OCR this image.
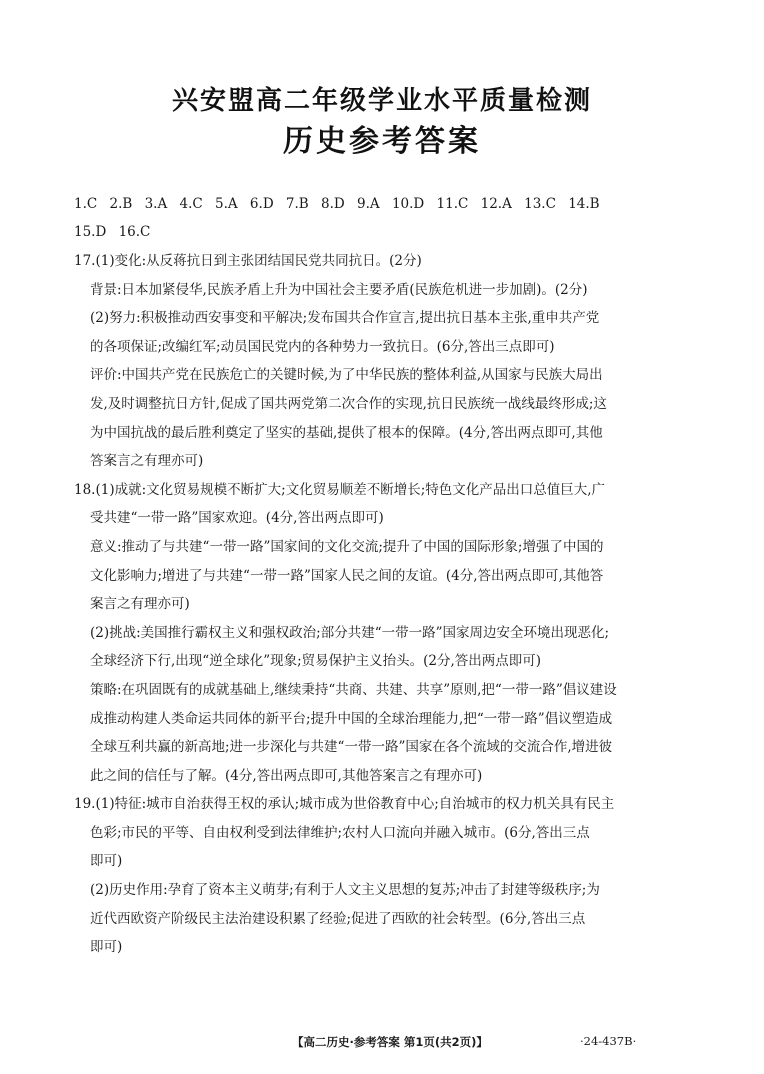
兴安盟高二年级学业水平质量检测
历史参考答案
1.C 2.B 3.A 4.C 5.A 6.D 7.B 8.D 9.A 10.D 11.C 12.A 13.C 14.B
15.D 16.C
17.(1)变化:从反蒋抗日到主张团结国民党共同抗日。(2分)
背景:日本加紧侵华,民族矛盾上升为中国社会主要矛盾(民族危机进一步加剧)。(2分)
(2)努力:积极推动西安事变和平解决;发布国共合作宣言,提出抗日基本主张,重申共产党
的各项保证;改编红军;动员国民党内的各种势力一致抗日。(6分,答出三点即可)
评价:中国共产党在民族危亡的关键时候,为了中华民族的整体利益,从国家与民族大局出
发,及时调整抗日方针,促成了国共两党第二次合作的实现,抗日民族统一战线最终形成;这
为中国抗战的最后胜利奠定了坚实的基础,提供了根本的保障。(4分,答出两点即可,其他
答案言之有理亦可)
18.(1)成就:文化贸易规模不断扩大;文化贸易顺差不断增长;特色文化产品出口总值巨大,广
受共建“一带一路”国家欢迎。(4分,答出两点即可)
意义:推动了与共建“一带一路”国家间的文化交流;提升了中国的国际形象;增强了中国的
文化影响力;增进了与共建“一带一路”国家人民之间的友谊。(4分,答出两点即可,其他答
案言之有理亦可)
(2)挑战:美国推行霸权主义和强权政治;部分共建“一带一路”国家周边安全环境出现恶化;
全球经济下行,出现“逆全球化”现象;贸易保护主义抬头。(2分,答出两点即可)
策略:在巩固既有的成就基础上,继续秉持“共商、共建、共享”原则,把“一带一路”倡议建设
成推动构建人类命运共同体的新平台;提升中国的全球治理能力,把“一带一路”倡议塑造成
全球互利共赢的新高地;进一步深化与共建“一带一路”国家在各个流域的交流合作,增进彼
此之间的信任与了解。(4分,答出两点即可,其他答案言之有理亦可)
19.(1)特征:城市自治获得王权的承认;城市成为世俗教育中心;自治城市的权力机关具有民主
色彩;市民的平等、自由权利受到法律维护;农村人口流向并融入城市。(6分,答出三点
即可)
(2)历史作用:孕育了资本主义萌芽;有利于人文主义思想的复苏;冲击了封建等级秩序;为
近代西欧资产阶级民主法治建设积累了经验;促进了西欧的社会转型。(6分,答出三点
即可)
【高二历史·参考答案 第1页(共2页)】	·24-437B·
